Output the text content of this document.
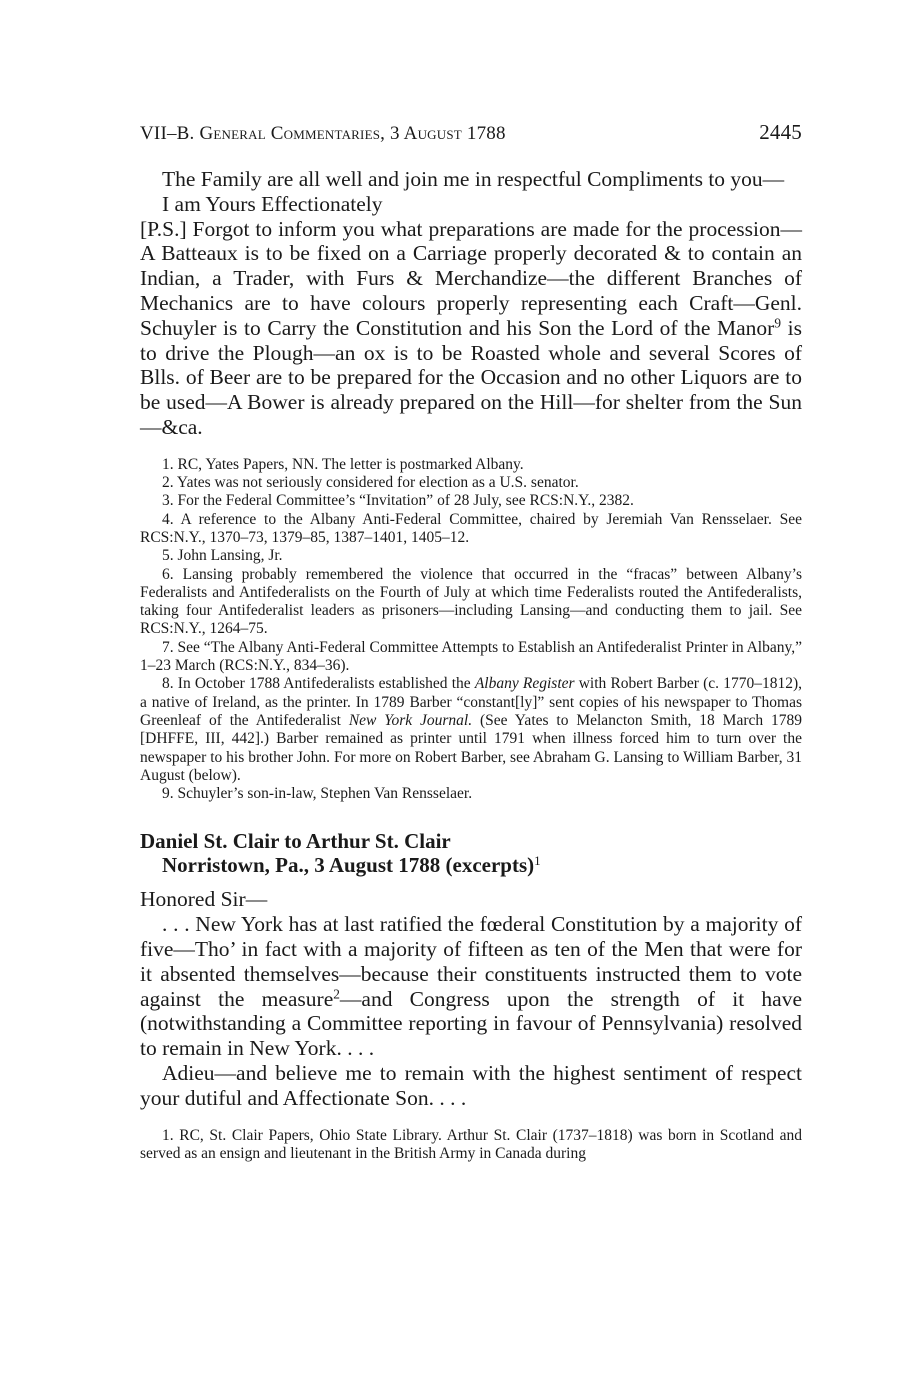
VII–B. General Commentaries, 3 August 1788	2445

The Family are all well and join me in respectful Compliments to you—

I am Yours Effectionately

[P.S.] Forgot to inform you what preparations are made for the procession—A Batteaux is to be fixed on a Carriage properly decorated & to contain an Indian, a Trader, with Furs & Merchandize—the different Branches of Mechanics are to have colours properly representing each Craft—Genl. Schuyler is to Carry the Constitution and his Son the Lord of the Manor$^9$ is to drive the Plough—an ox is to be Roasted whole and several Scores of Blls. of Beer are to be prepared for the Occasion and no other Liquors are to be used—A Bower is already prepared on the Hill—for shelter from the Sun—&ca.

1. RC, Yates Papers, NN. The letter is postmarked Albany.

2. Yates was not seriously considered for election as a U.S. senator.

3. For the Federal Committee’s “Invitation” of 28 July, see RCS:N.Y., 2382.

4. A reference to the Albany Anti-Federal Committee, chaired by Jeremiah Van Rensselaer. See RCS:N.Y., 1370–73, 1379–85, 1387–1401, 1405–12.

5. John Lansing, Jr.

6. Lansing probably remembered the violence that occurred in the “fracas” between Albany’s Federalists and Antifederalists on the Fourth of July at which time Federalists routed the Antifederalists, taking four Antifederalist leaders as prisoners—including Lansing—and conducting them to jail. See RCS:N.Y., 1264–75.

7. See “The Albany Anti-Federal Committee Attempts to Establish an Antifederalist Printer in Albany,” 1–23 March (RCS:N.Y., 834–36).

8. In October 1788 Antifederalists established the Albany Register with Robert Barber (c. 1770–1812), a native of Ireland, as the printer. In 1789 Barber “constant[ly]” sent copies of his newspaper to Thomas Greenleaf of the Antifederalist New York Journal. (See Yates to Melancton Smith, 18 March 1789 [DHFFE, III, 442].) Barber remained as printer until 1791 when illness forced him to turn over the newspaper to his brother John. For more on Robert Barber, see Abraham G. Lansing to William Barber, 31 August (below).

9. Schuyler’s son-in-law, Stephen Van Rensselaer.

Daniel St. Clair to Arthur St. Clair

Norristown, Pa., 3 August 1788 (excerpts)$^1$

Honored Sir—

. . . New York has at last ratified the fœderal Constitution by a majority of five—Tho’ in fact with a majority of fifteen as ten of the Men that were for it absented themselves—because their constituents instructed them to vote against the measure$^2$—and Congress upon the strength of it have (notwithstanding a Committee reporting in favour of Pennsylvania) resolved to remain in New York. . . .

Adieu—and believe me to remain with the highest sentiment of respect your dutiful and Affectionate Son. . . .

1. RC, St. Clair Papers, Ohio State Library. Arthur St. Clair (1737–1818) was born in Scotland and served as an ensign and lieutenant in the British Army in Canada during
